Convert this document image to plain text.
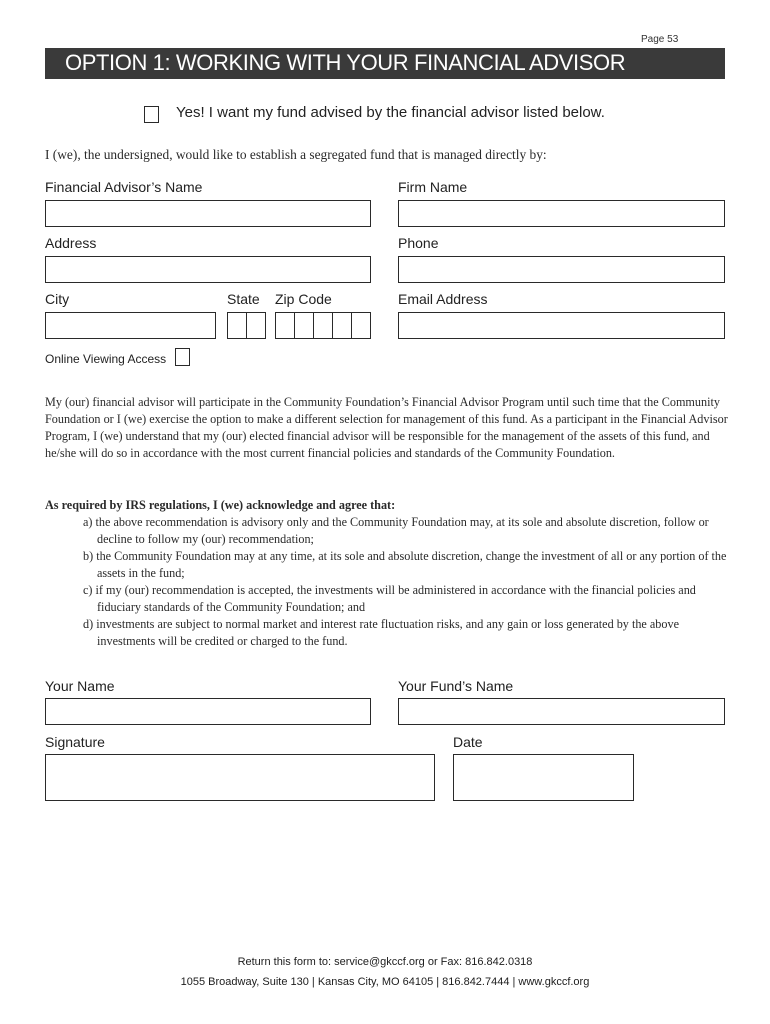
Page 53
OPTION 1: WORKING WITH YOUR FINANCIAL ADVISOR
Yes! I want my fund advised by the financial advisor listed below.
I (we), the undersigned, would like to establish a segregated fund that is managed directly by:
Financial Advisor’s Name	Firm Name
Address	Phone
City	State Zip Code	Email Address
Online Viewing Access
My (our) financial advisor will participate in the Community Foundation’s Financial Advisor Program until such time that the Community Foundation or I (we) exercise the option to make a different selection for management of this fund. As a participant in the Financial Advisor Program, I (we) understand that my (our) elected financial advisor will be responsible for the management of the assets of this fund, and he/she will do so in accordance with the most current financial policies and standards of the Community Foundation.
As required by IRS regulations, I (we) acknowledge and agree that:
a) the above recommendation is advisory only and the Community Foundation may, at its sole and absolute discretion, follow or decline to follow my (our) recommendation;
b) the Community Foundation may at any time, at its sole and absolute discretion, change the investment of all or any portion of the assets in the fund;
c) if my (our) recommendation is accepted, the investments will be administered in accordance with the financial policies and fiduciary standards of the Community Foundation; and
d) investments are subject to normal market and interest rate fluctuation risks, and any gain or loss generated by the above investments will be credited or charged to the fund.
Your Name	Your Fund’s Name
Signature	Date
Return this form to: service@gkccf.org or Fax: 816.842.0318
1055 Broadway, Suite 130 | Kansas City, MO 64105 | 816.842.7444 | www.gkccf.org
